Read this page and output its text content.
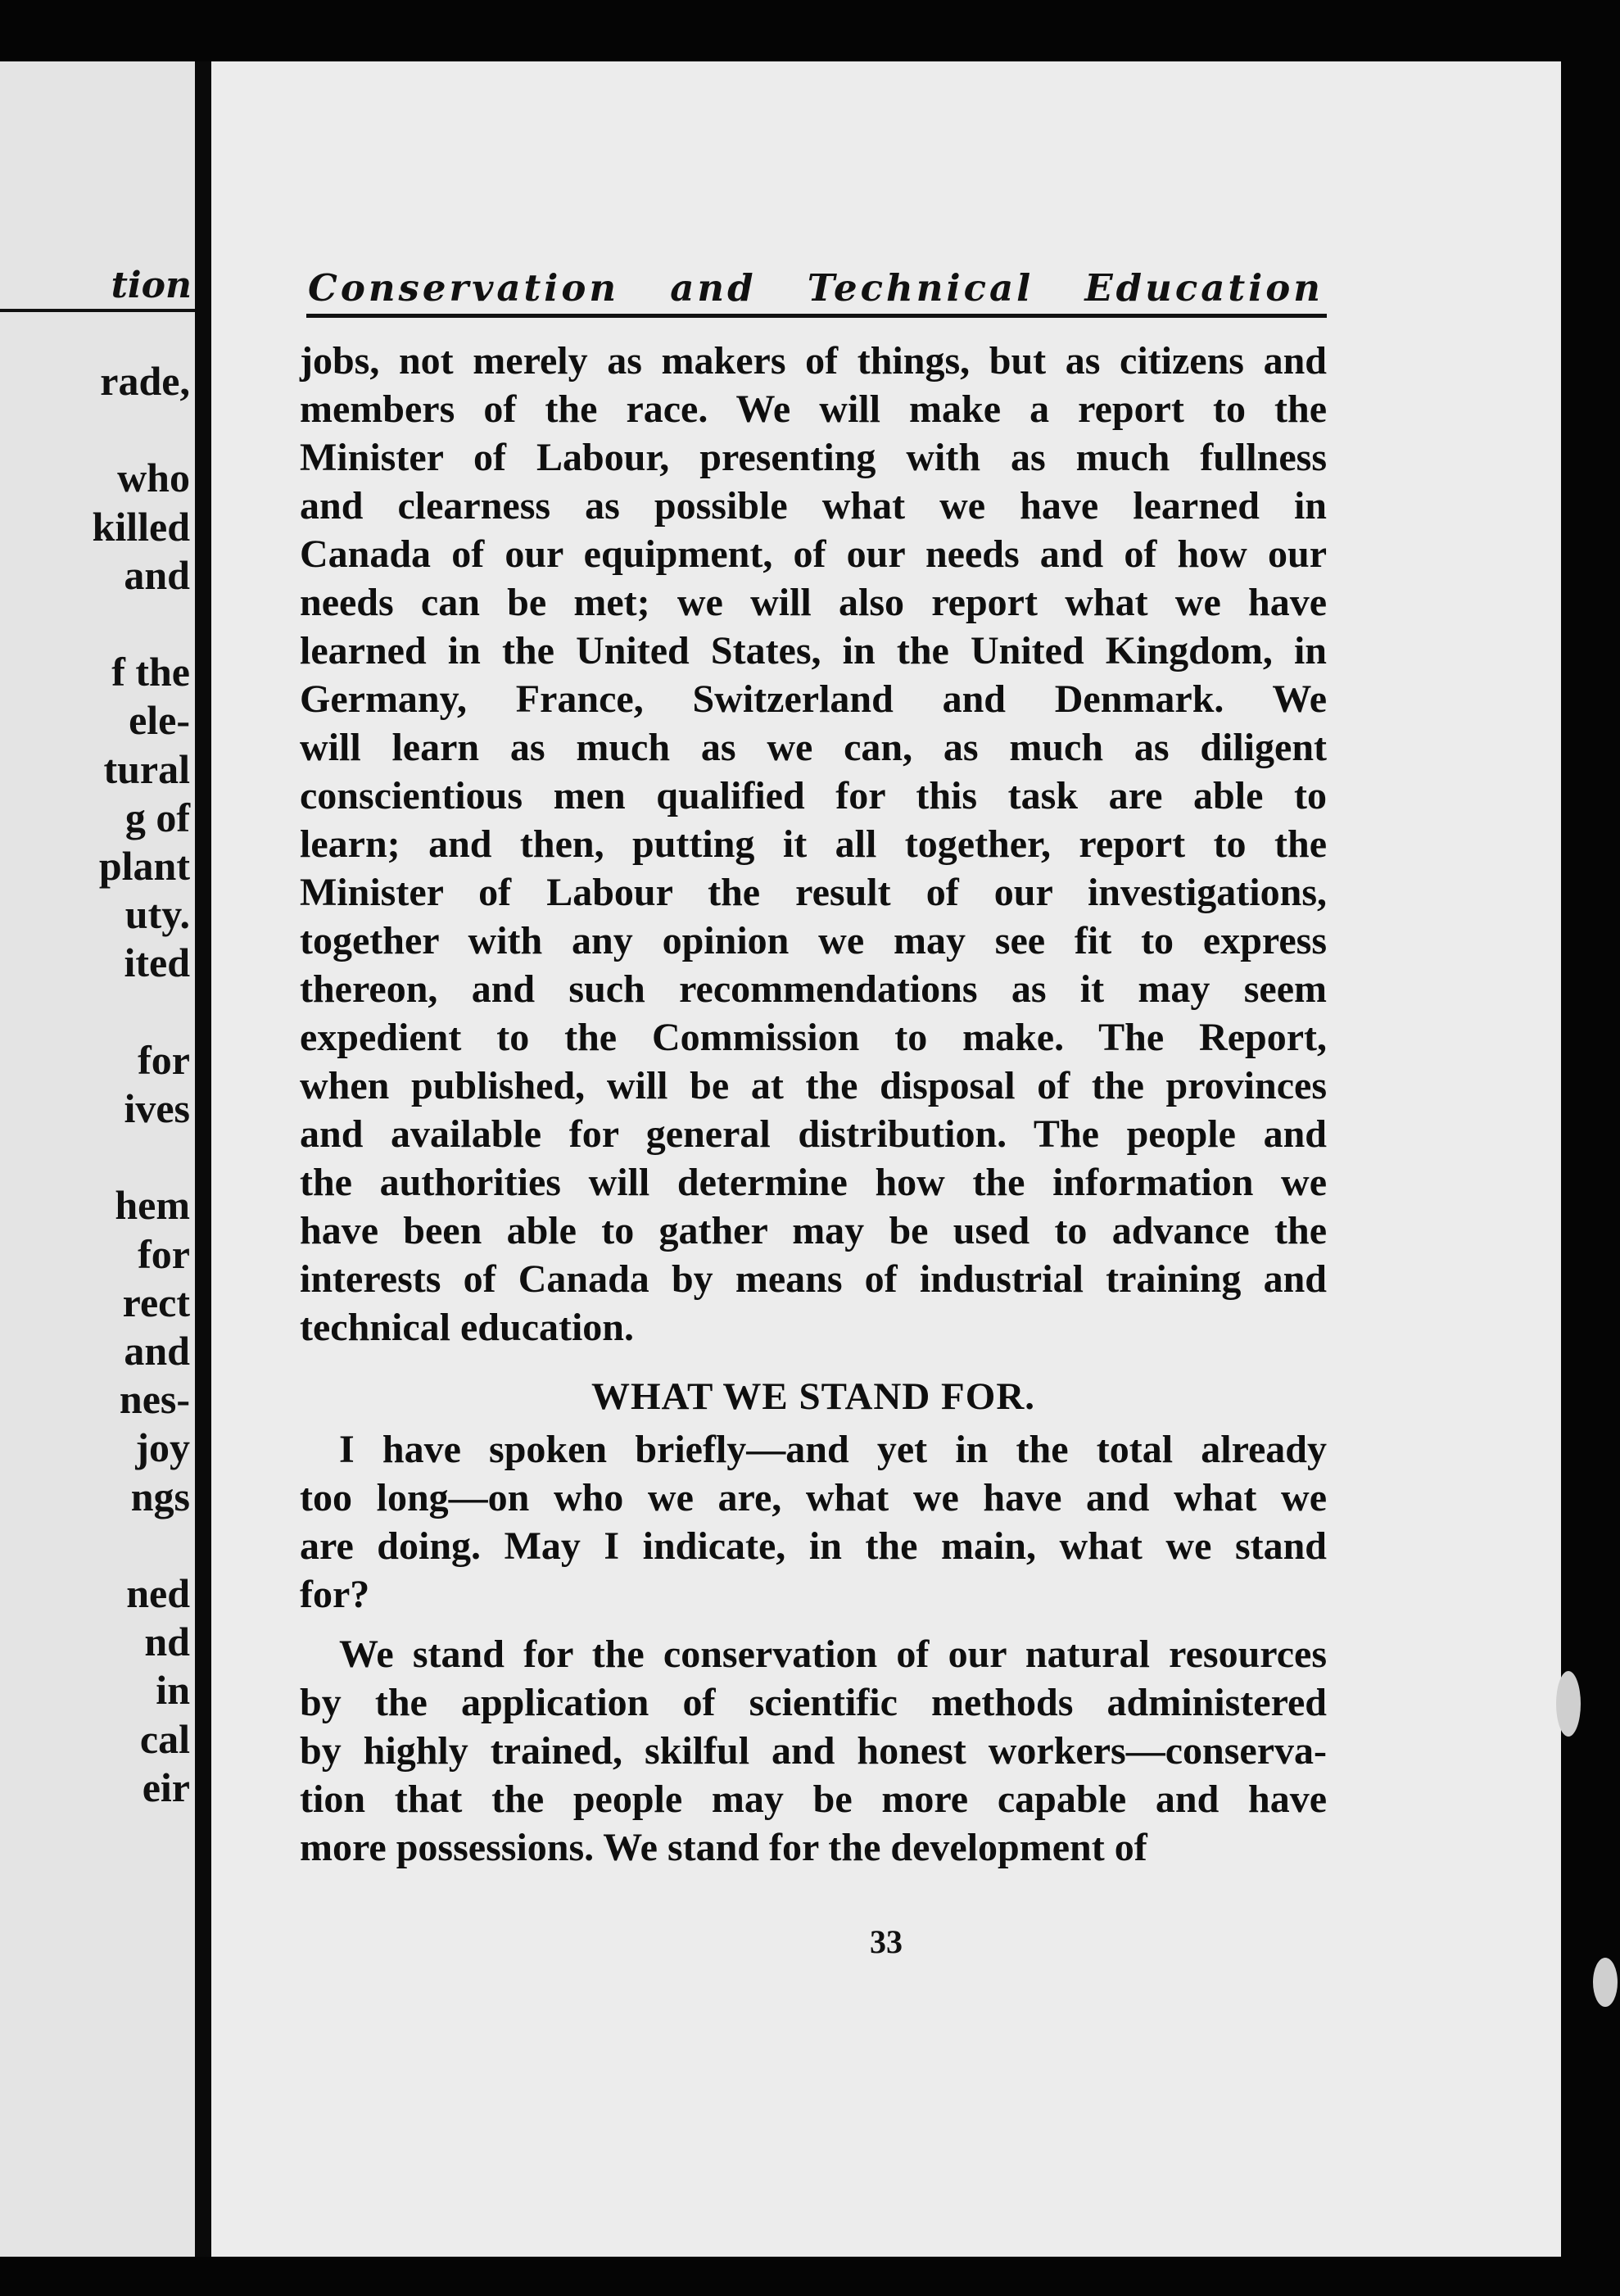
tion
rade,
who
killed
and
f the
ele-
tural
g of
plant
uty.
ited
for
ives
hem
for
rect
and
nes-
joy
ngs
ned
nd
in
cal
eir
Conservation and Technical Education
jobs, not merely as makers of things, but as citizens and
members of the race. We will make a report to the
Minister of Labour, presenting with as much fullness
and clearness as possible what we have learned in
Canada of our equipment, of our needs and of how our
needs can be met; we will also report what we have
learned in the United States, in the United Kingdom, in
Germany, France, Switzerland and Denmark. We
will learn as much as we can, as much as diligent
conscientious men qualified for this task are able to
learn; and then, putting it all together, report to the
Minister of Labour the result of our investigations,
together with any opinion we may see fit to express
thereon, and such recommendations as it may seem
expedient to the Commission to make. The Report,
when published, will be at the disposal of the provinces
and available for general distribution. The people and
the authorities will determine how the information we
have been able to gather may be used to advance the
interests of Canada by means of industrial training and
technical education.
WHAT WE STAND FOR.
I have spoken briefly—and yet in the total already
too long—on who we are, what we have and what we
are doing. May I indicate, in the main, what we stand
for?
We stand for the conservation of our natural resources
by the application of scientific methods administered
by highly trained, skilful and honest workers—conserva-
tion that the people may be more capable and have
more possessions. We stand for the development of
33
